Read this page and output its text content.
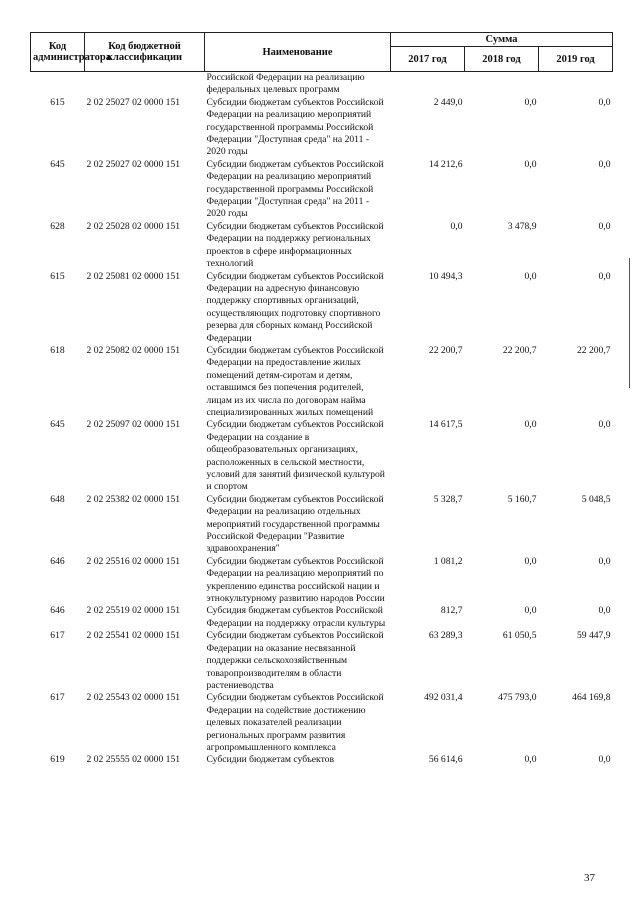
Код администратора	Код бюджетной классификации	Наименование	Сумма		
			2017 год	2018 год	2019 год
		Российской Федерации на реализацию федеральных целевых программ			
615	2 02 25027 02 0000 151	Субсидии бюджетам субъектов Российской Федерации на реализацию мероприятий государственной программы Российской Федерации "Доступная среда" на 2011 - 2020 годы	2 449,0	0,0	0,0
645	2 02 25027 02 0000 151	Субсидии бюджетам субъектов Российской Федерации на реализацию мероприятий государственной программы Российской Федерации "Доступная среда" на 2011 - 2020 годы	14 212,6	0,0	0,0
628	2 02 25028 02 0000 151	Субсидии бюджетам субъектов Российской Федерации на поддержку региональных проектов в сфере информационных технологий	0,0	3 478,9	0,0
615	2 02 25081 02 0000 151	Субсидии бюджетам субъектов Российской Федерации на адресную финансовую поддержку спортивных организаций, осуществляющих подготовку спортивного резерва для сборных команд Российской Федерации	10 494,3	0,0	0,0
618	2 02 25082 02 0000 151	Субсидии бюджетам субъектов Российской Федерации на предоставление жилых помещений детям-сиротам и детям, оставшимся без попечения родителей, лицам из их числа по договорам найма специализированных жилых помещений	22 200,7	22 200,7	22 200,7
645	2 02 25097 02 0000 151	Субсидии бюджетам субъектов Российской Федерации на создание в общеобразовательных организациях, расположенных в сельской местности, условий для занятий физической культурой и спортом	14 617,5	0,0	0,0
648	2 02 25382 02 0000 151	Субсидии бюджетам субъектов Российской Федерации на реализацию отдельных мероприятий государственной программы Российской Федерации "Развитие здравоохранения"	5 328,7	5 160,7	5 048,5
646	2 02 25516 02 0000 151	Субсидии бюджетам субъектов Российской Федерации на реализацию мероприятий по укреплению единства российской нации и этнокультурному развитию народов России	1 081,2	0,0	0,0
646	2 02 25519 02 0000 151	Субсидия бюджетам субъектов Российской Федерации на поддержку отрасли культуры	812,7	0,0	0,0
617	2 02 25541 02 0000 151	Субсидии бюджетам субъектов Российской Федерации на оказание несвязанной поддержки сельскохозяйственным товаропроизводителям в области растениеводства	63 289,3	61 050,5	59 447,9
617	2 02 25543 02 0000 151	Субсидии бюджетам субъектов Российской Федерации на содействие достижению целевых показателей реализации региональных программ развития агропромышленного комплекса	492 031,4	475 793,0	464 169,8
619	2 02 25555 02 0000 151	Субсидии бюджетам субъектов	56 614,6	0,0	0,0
37
